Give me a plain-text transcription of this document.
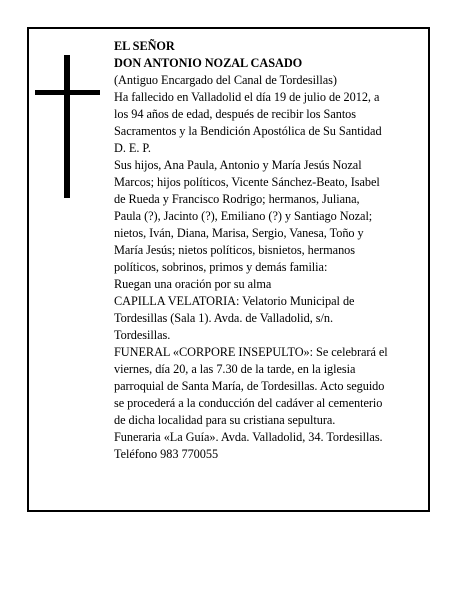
EL SEÑOR
DON ANTONIO NOZAL CASADO
(Antiguo Encargado del Canal de Tordesillas)
Ha fallecido en Valladolid el día 19 de julio de 2012, a
los 94 años de edad, después de recibir los Santos
Sacramentos y la Bendición Apostólica de Su Santidad
D. E. P.
Sus hijos, Ana Paula, Antonio y María Jesús Nozal
Marcos; hijos políticos, Vicente Sánchez-Beato, Isabel
de Rueda y Francisco Rodrigo; hermanos, Juliana,
Paula (?), Jacinto (?), Emiliano (?) y Santiago Nozal;
nietos, Iván, Diana, Marisa, Sergio, Vanesa, Toño y
María Jesús; nietos políticos, bisnietos, hermanos
políticos, sobrinos, primos y demás familia:
Ruegan una oración por su alma
CAPILLA VELATORIA: Velatorio Municipal de
Tordesillas (Sala 1). Avda. de Valladolid, s/n.
Tordesillas.
FUNERAL «CORPORE INSEPULTO»: Se celebrará el
viernes, día 20, a las 7.30 de la tarde, en la iglesia
parroquial de Santa María, de Tordesillas. Acto seguido
se procederá a la conducción del cadáver al cementerio
de dicha localidad para su cristiana sepultura.
Funeraria «La Guía». Avda. Valladolid, 34. Tordesillas.
Teléfono 983 770055
